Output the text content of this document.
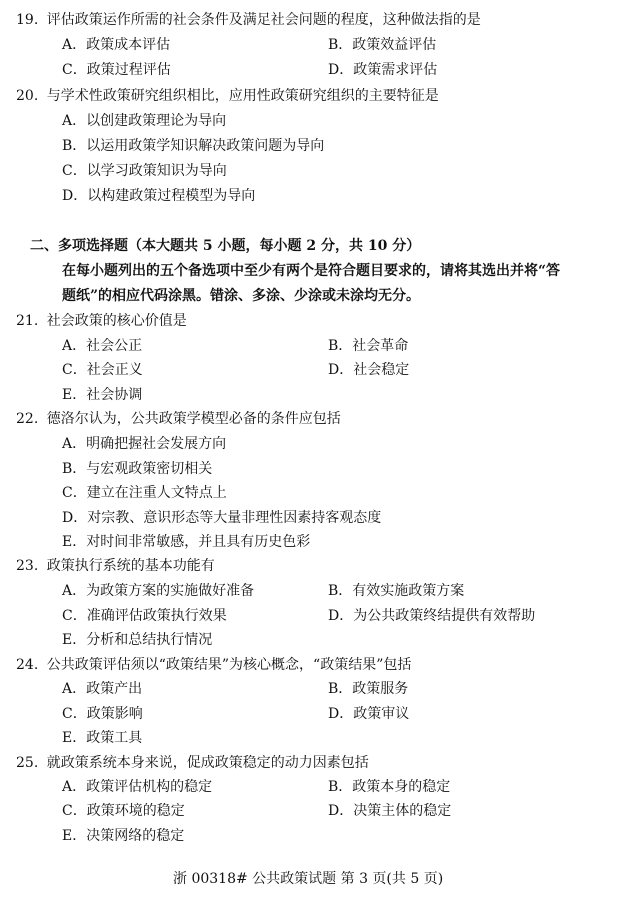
19. 评估政策运作所需的社会条件及满足社会问题的程度，这种做法指的是
A．政策成本评估	B．政策效益评估
C．政策过程评估	D．政策需求评估
20. 与学术性政策研究组织相比，应用性政策研究组织的主要特征是
A．以创建政策理论为导向
B．以运用政策学知识解决政策问题为导向
C．以学习政策知识为导向
D．以构建政策过程模型为导向
二、多项选择题（本大题共 5 小题，每小题 2 分，共 10 分）
在每小题列出的五个备选项中至少有两个是符合题目要求的，请将其选出并将“答
题纸”的相应代码涂黑。错涂、多涂、少涂或未涂均无分。
21. 社会政策的核心价值是
A．社会公正	B．社会革命
C．社会正义	D．社会稳定
E．社会协调
22. 德洛尔认为，公共政策学模型必备的条件应包括
A．明确把握社会发展方向
B．与宏观政策密切相关
C．建立在注重人文特点上
D．对宗教、意识形态等大量非理性因素持客观态度
E．对时间非常敏感，并且具有历史色彩
23. 政策执行系统的基本功能有
A．为政策方案的实施做好准备	B．有效实施政策方案
C．准确评估政策执行效果	D．为公共政策终结提供有效帮助
E．分析和总结执行情况
24. 公共政策评估须以“政策结果”为核心概念，“政策结果”包括
A．政策产出	B．政策服务
C．政策影响	D．政策审议
E．政策工具
25. 就政策系统本身来说，促成政策稳定的动力因素包括
A．政策评估机构的稳定	B．政策本身的稳定
C．政策环境的稳定	D．决策主体的稳定
E．决策网络的稳定
浙 00318# 公共政策试题 第 3 页(共 5 页)
